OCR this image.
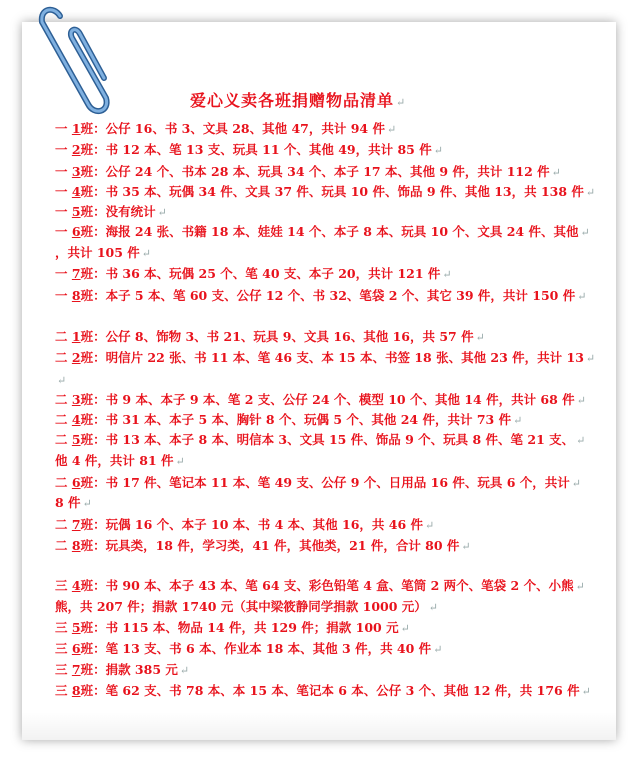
爱心义卖各班捐赠物品清单 ↵
一 1班：公仔 16、书 3、文具 28、其他 47，共计 94 件 ↵
一 2班：书 12 本、笔 13 支、玩具 11 个、其他 49，共计 85 件 ↵
一 3班：公仔 24 个、书本 28 本、玩具 34 个、本子 17 本、其他 9 件，共计 112 件 ↵
一 4班：书 35 本、玩偶 34 件、文具 37 件、玩具 10 件、饰品 9 件、其他 13，共 138 件 ↵
一 5班：没有统计 ↵
一 6班：海报 24 张、书籍 18 本、娃娃 14 个、本子 8 本、玩具 10 个、文具 24 件、其他 ↵
，共计 105 件 ↵
一 7班：书 36 本、玩偶 25 个、笔 40 支、本子 20，共计 121 件 ↵
一 8班：本子 5 本、笔 60 支、公仔 12 个、书 32、笔袋 2 个、其它 39 件，共计 150 件 ↵
二 1班：公仔 8、饰物 3、书 21、玩具 9、文具 16、其他 16，共 57 件 ↵
二 2班：明信片 22 张、书 11 本、笔 46 支、本 15 本、书签 18 张、其他 23 件，共计 13 ↵
↵
二 3班：书 9 本、本子 9 本、笔 2 支、公仔 24 个、模型 10 个、其他 14 件，共计 68 件 ↵
二 4班：书 31 本、本子 5 本、胸针 8 个、玩偶 5 个、其他 24 件，共计 73 件 ↵
二 5班：书 13 本、本子 8 本、明信本 3、文具 15 件、饰品 9 个、玩具 8 件、笔 21 支、 ↵
他 4 件，共计 81 件 ↵
二 6班：书 17 件、笔记本 11 本、笔 49 支、公仔 9 个、日用品 16 件、玩具 6 个，共计 ↵
8 件 ↵
二 7班：玩偶 16 个、本子 10 本、书 4 本、其他 16，共 46 件 ↵
二 8班：玩具类，18 件，学习类，41 件，其他类，21 件，合计 80 件 ↵
三 4班：书 90 本、本子 43 本、笔 64 支、彩色铅笔 4 盒、笔筒 2 两个、笔袋 2 个、小熊 ↵
熊，共 207 件；捐款 1740 元（其中梁筱静同学捐款 1000 元） ↵
三 5班：书 115 本、物品 14 件，共 129 件；捐款 100 元 ↵
三 6班：笔 13 支、书 6 本、作业本 18 本、其他 3 件，共 40 件 ↵
三 7班：捐款 385 元 ↵
三 8班：笔 62 支、书 78 本、本 15 本、笔记本 6 本、公仔 3 个、其他 12 件，共 176 件 ↵
